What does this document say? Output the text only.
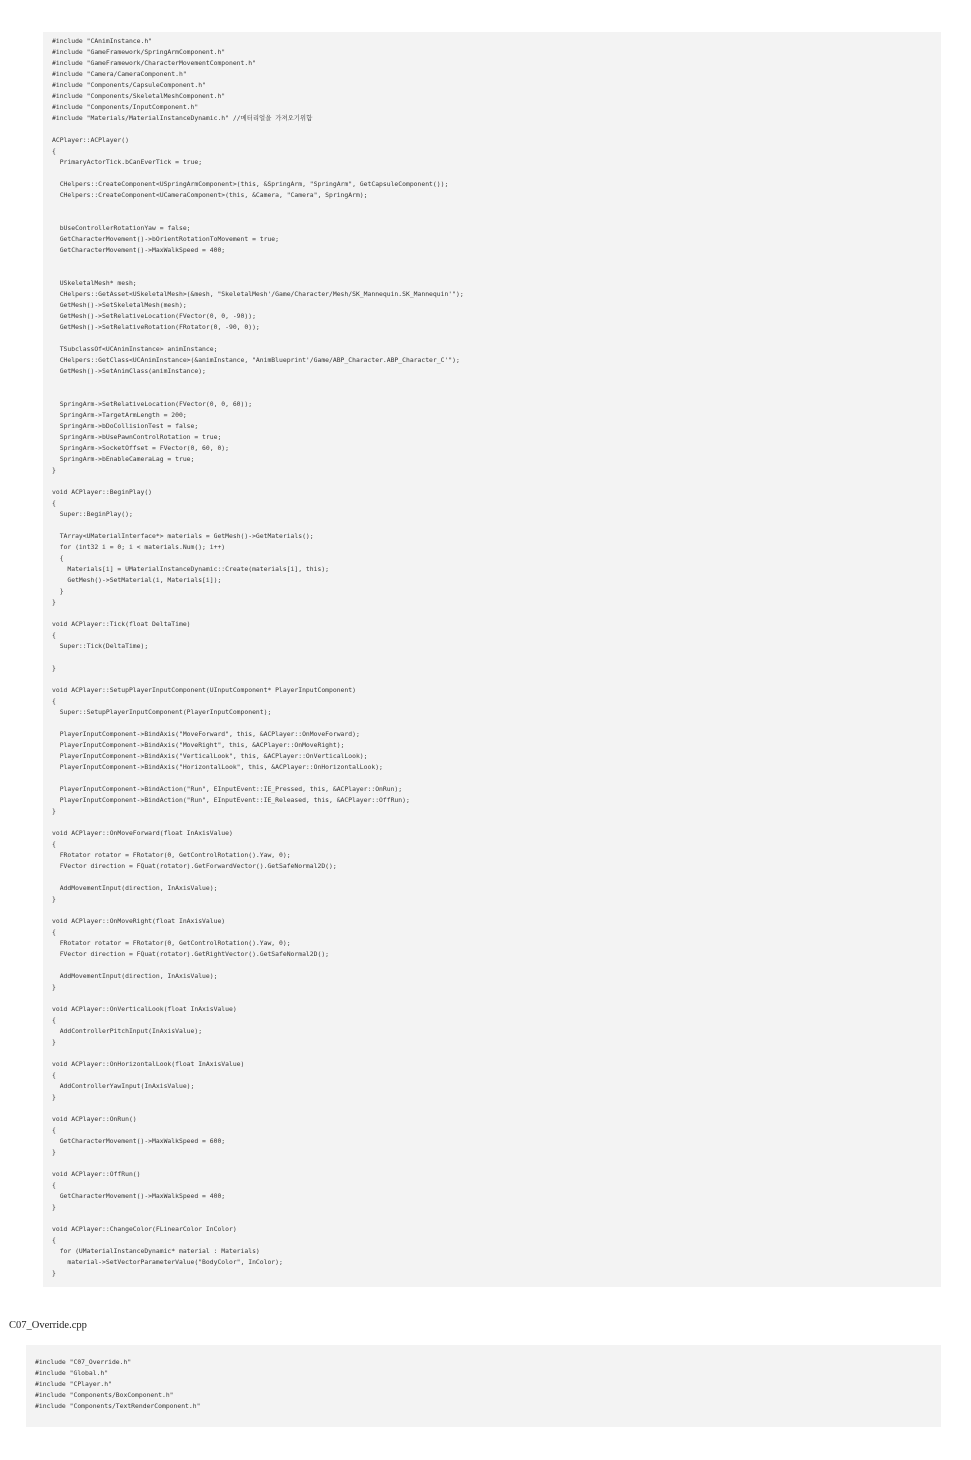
#include "CAnimInstance.h"
#include "GameFramework/SpringArmComponent.h"
#include "GameFramework/CharacterMovementComponent.h"
#include "Camera/CameraComponent.h"
#include "Components/CapsuleComponent.h"
#include "Components/SkeletalMeshComponent.h"
#include "Components/InputComponent.h"
#include "Materials/MaterialInstanceDynamic.h" //메터리얼을 가져오기위함

ACPlayer::ACPlayer()
{
PrimaryActorTick.bCanEverTick = true;

CHelpers::CreateComponent<USpringArmComponent>(this, &SpringArm, "SpringArm", GetCapsuleComponent());
CHelpers::CreateComponent<UCameraComponent>(this, &Camera, "Camera", SpringArm);

bUseControllerRotationYaw = false;
GetCharacterMovement()->bOrientRotationToMovement = true;
GetCharacterMovement()->MaxWalkSpeed = 400;

USkeletalMesh* mesh;
CHelpers::GetAsset<USkeletalMesh>(&mesh, "SkeletalMesh'/Game/Character/Mesh/SK_Mannequin.SK_Mannequin'");
GetMesh()->SetSkeletalMesh(mesh);
GetMesh()->SetRelativeLocation(FVector(0, 0, -90));
GetMesh()->SetRelativeRotation(FRotator(0, -90, 0));

TSubclassOf<UCAnimInstance> animInstance;
CHelpers::GetClass<UCAnimInstance>(&animInstance, "AnimBlueprint'/Game/ABP_Character.ABP_Character_C'");
GetMesh()->SetAnimClass(animInstance);

SpringArm->SetRelativeLocation(FVector(0, 0, 60));
SpringArm->TargetArmLength = 200;
SpringArm->bDoCollisionTest = false;
SpringArm->bUsePawnControlRotation = true;
SpringArm->SocketOffset = FVector(0, 60, 0);
SpringArm->bEnableCameraLag = true;
}

void ACPlayer::BeginPlay()
{
Super::BeginPlay();

TArray<UMaterialInterface*> materials = GetMesh()->GetMaterials();
for (int32 i = 0; i < materials.Num(); i++)
{
Materials[i] = UMaterialInstanceDynamic::Create(materials[i], this);
GetMesh()->SetMaterial(i, Materials[i]);
}
}

void ACPlayer::Tick(float DeltaTime)
{
Super::Tick(DeltaTime);

}

void ACPlayer::SetupPlayerInputComponent(UInputComponent* PlayerInputComponent)
{
Super::SetupPlayerInputComponent(PlayerInputComponent);

PlayerInputComponent->BindAxis("MoveForward", this, &ACPlayer::OnMoveForward);
PlayerInputComponent->BindAxis("MoveRight", this, &ACPlayer::OnMoveRight);
PlayerInputComponent->BindAxis("VerticalLook", this, &ACPlayer::OnVerticalLook);
PlayerInputComponent->BindAxis("HorizontalLook", this, &ACPlayer::OnHorizontalLook);

PlayerInputComponent->BindAction("Run", EInputEvent::IE_Pressed, this, &ACPlayer::OnRun);
PlayerInputComponent->BindAction("Run", EInputEvent::IE_Released, this, &ACPlayer::OffRun);
}

void ACPlayer::OnMoveForward(float InAxisValue)
{
FRotator rotator = FRotator(0, GetControlRotation().Yaw, 0);
FVector direction = FQuat(rotator).GetForwardVector().GetSafeNormal2D();

AddMovementInput(direction, InAxisValue);
}

void ACPlayer::OnMoveRight(float InAxisValue)
{
FRotator rotator = FRotator(0, GetControlRotation().Yaw, 0);
FVector direction = FQuat(rotator).GetRightVector().GetSafeNormal2D();

AddMovementInput(direction, InAxisValue);
}

void ACPlayer::OnVerticalLook(float InAxisValue)
{
AddControllerPitchInput(InAxisValue);
}

void ACPlayer::OnHorizontalLook(float InAxisValue)
{
AddControllerYawInput(InAxisValue);
}

void ACPlayer::OnRun()
{
GetCharacterMovement()->MaxWalkSpeed = 600;
}

void ACPlayer::OffRun()
{
GetCharacterMovement()->MaxWalkSpeed = 400;
}

void ACPlayer::ChangeColor(FLinearColor InColor)
{
for (UMaterialInstanceDynamic* material : Materials)
material->SetVectorParameterValue("BodyColor", InColor);
}

C07_Override.cpp

#include "C07_Override.h"
#include "Global.h"
#include "CPlayer.h"
#include "Components/BoxComponent.h"
#include "Components/TextRenderComponent.h"
